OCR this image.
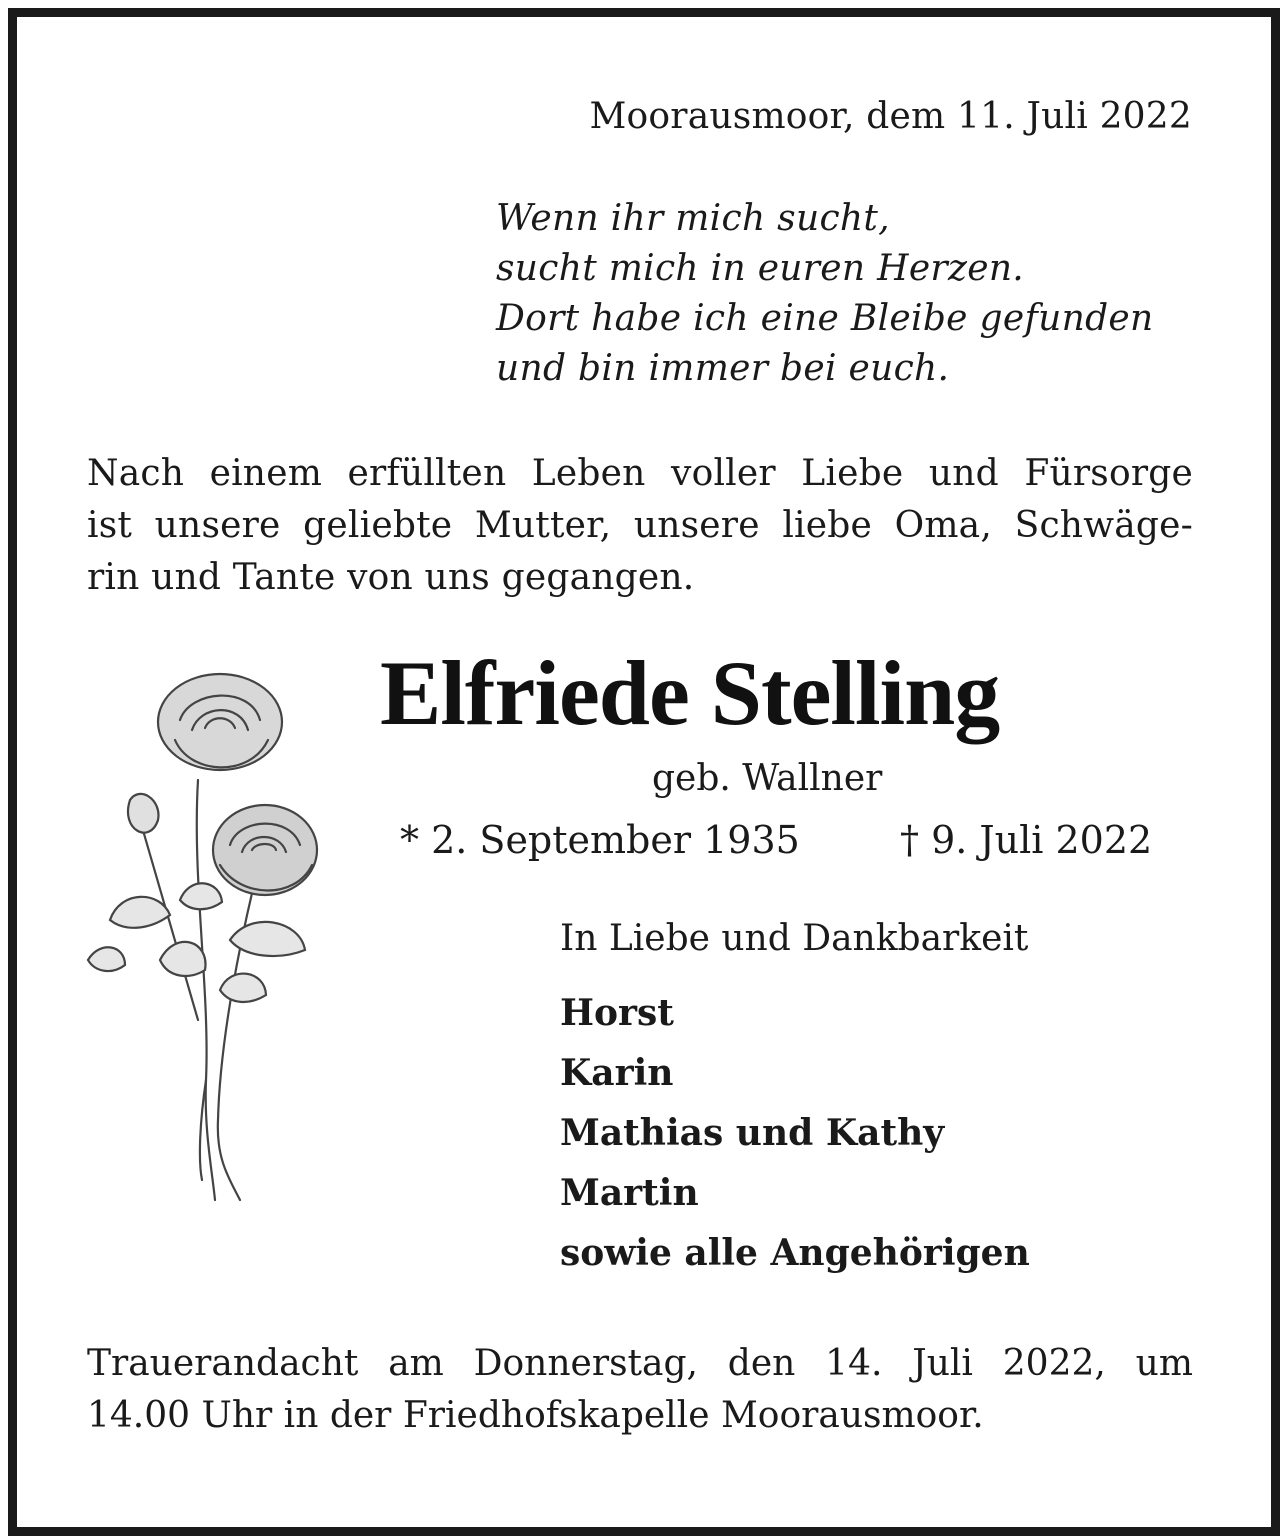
Moorausmoor, dem 11. Juli 2022
Wenn ihr mich sucht,
sucht mich in euren Herzen.
Dort habe ich eine Bleibe gefunden
und bin immer bei euch.
Nach einem erfüllten Leben voller Liebe und Fürsorge
ist unsere geliebte Mutter, unsere liebe Oma, Schwäge-
rin und Tante von uns gegangen.
Elfriede Stelling
geb. Wallner
* 2. September 1935	† 9. Juli 2022
In Liebe und Dankbarkeit
Horst
Karin
Mathias und Kathy
Martin
sowie alle Angehörigen
Trauerandacht am Donnerstag, den 14. Juli 2022, um
14.00 Uhr in der Friedhofskapelle Moorausmoor.
